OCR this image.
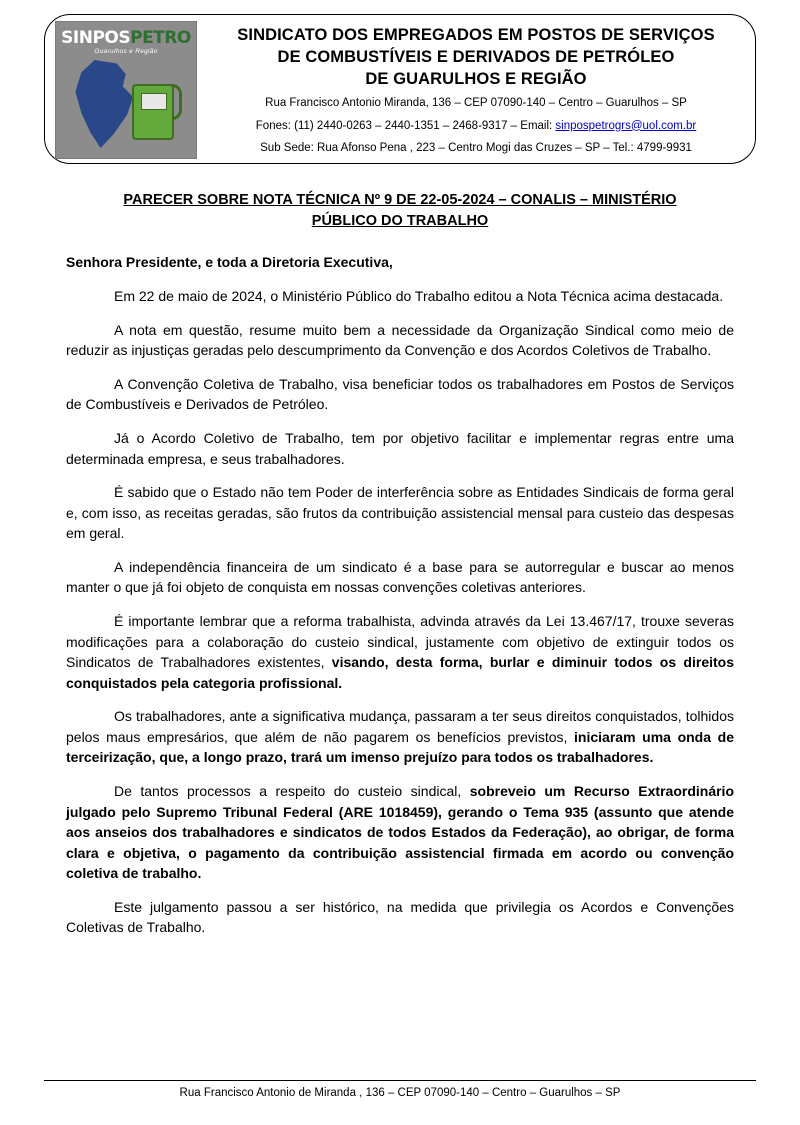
SINPOSPETRO
Guarulhos e Região
SINDICATO DOS EMPREGADOS EM POSTOS DE SERVIÇOS
DE COMBUSTÍVEIS E DERIVADOS DE PETRÓLEO
DE GUARULHOS E REGIÃO
Rua Francisco Antonio Miranda, 136 – CEP 07090-140 – Centro – Guarulhos – SP
Fones: (11) 2440-0263 – 2440-1351 – 2468-9317 – Email: sinpospetrogrs@uol.com.br
Sub Sede: Rua Afonso Pena , 223 – Centro Mogi das Cruzes – SP – Tel.: 4799-9931
PARECER SOBRE NOTA TÉCNICA Nº 9 DE 22-05-2024 – CONALIS – MINISTÉRIO
PÚBLICO DO TRABALHO
Senhora Presidente, e toda a Diretoria Executiva,

Em 22 de maio de 2024, o Ministério Público do Trabalho editou a Nota Técnica acima destacada.

A nota em questão, resume muito bem a necessidade da Organização Sindical como meio de reduzir as injustiças geradas pelo descumprimento da Convenção e dos Acordos Coletivos de Trabalho.

A Convenção Coletiva de Trabalho, visa beneficiar todos os trabalhadores em Postos de Serviços de Combustíveis e Derivados de Petróleo.

Já o Acordo Coletivo de Trabalho, tem por objetivo facilitar e implementar regras entre uma determinada empresa, e seus trabalhadores.

É sabido que o Estado não tem Poder de interferência sobre as Entidades Sindicais de forma geral e, com isso, as receitas geradas, são frutos da contribuição assistencial mensal para custeio das despesas em geral.

A independência financeira de um sindicato é a base para se autorregular e buscar ao menos manter o que já foi objeto de conquista em nossas convenções coletivas anteriores.

É importante lembrar que a reforma trabalhista, advinda através da Lei 13.467/17, trouxe severas modificações para a colaboração do custeio sindical, justamente com objetivo de extinguir todos os Sindicatos de Trabalhadores existentes, visando, desta forma, burlar e diminuir todos os direitos conquistados pela categoria profissional.

Os trabalhadores, ante a significativa mudança, passaram a ter seus direitos conquistados, tolhidos pelos maus empresários, que além de não pagarem os benefícios previstos, iniciaram uma onda de terceirização, que, a longo prazo, trará um imenso prejuízo para todos os trabalhadores.

De tantos processos a respeito do custeio sindical, sobreveio um Recurso Extraordinário julgado pelo Supremo Tribunal Federal (ARE 1018459), gerando o Tema 935 (assunto que atende aos anseios dos trabalhadores e sindicatos de todos Estados da Federação), ao obrigar, de forma clara e objetiva, o pagamento da contribuição assistencial firmada em acordo ou convenção coletiva de trabalho.

Este julgamento passou a ser histórico, na medida que privilegia os Acordos e Convenções Coletivas de Trabalho.

Rua Francisco Antonio de Miranda , 136 – CEP 07090-140 – Centro – Guarulhos – SP
